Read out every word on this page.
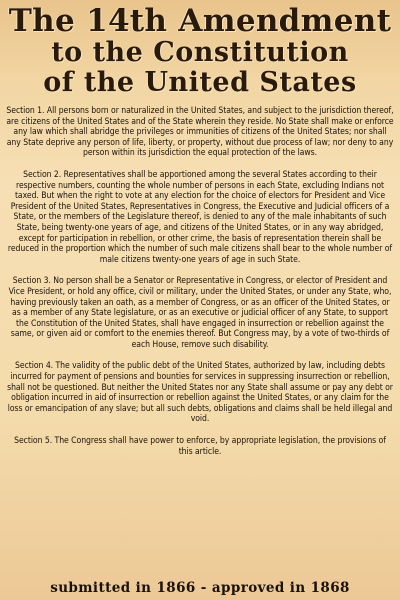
The 14th Amendment
to the Constitution
of the United States

Section 1. All persons born or naturalized in the United States, and subject to the jurisdiction thereof, are citizens of the United States and of the State wherein they reside. No State shall make or enforce any law which shall abridge the privileges or immunities of citizens of the United States; nor shall any State deprive any person of life, liberty, or property, without due process of law; nor deny to any person within its jurisdiction the equal protection of the laws.

Section 2. Representatives shall be apportioned among the several States according to their respective numbers, counting the whole number of persons in each State, excluding Indians not taxed. But when the right to vote at any election for the choice of electors for President and Vice President of the United States, Representatives in Congress, the Executive and Judicial officers of a State, or the members of the Legislature thereof, is denied to any of the male inhabitants of such State, being twenty-one years of age, and citizens of the United States, or in any way abridged, except for participation in rebellion, or other crime, the basis of representation therein shall be reduced in the proportion which the number of such male citizens shall bear to the whole number of male citizens twenty-one years of age in such State.

Section 3. No person shall be a Senator or Representative in Congress, or elector of President and Vice President, or hold any office, civil or military, under the United States, or under any State, who, having previously taken an oath, as a member of Congress, or as an officer of the United States, or as a member of any State legislature, or as an executive or judicial officer of any State, to support the Constitution of the United States, shall have engaged in insurrection or rebellion against the same, or given aid or comfort to the enemies thereof. But Congress may, by a vote of two-thirds of each House, remove such disability.

Section 4. The validity of the public debt of the United States, authorized by law, including debts incurred for payment of pensions and bounties for services in suppressing insurrection or rebellion, shall not be questioned. But neither the United States nor any State shall assume or pay any debt or obligation incurred in aid of insurrection or rebellion against the United States, or any claim for the loss or emancipation of any slave; but all such debts, obligations and claims shall be held illegal and void.

Section 5. The Congress shall have power to enforce, by appropriate legislation, the provisions of this article.

submitted in 1866 - approved in 1868
